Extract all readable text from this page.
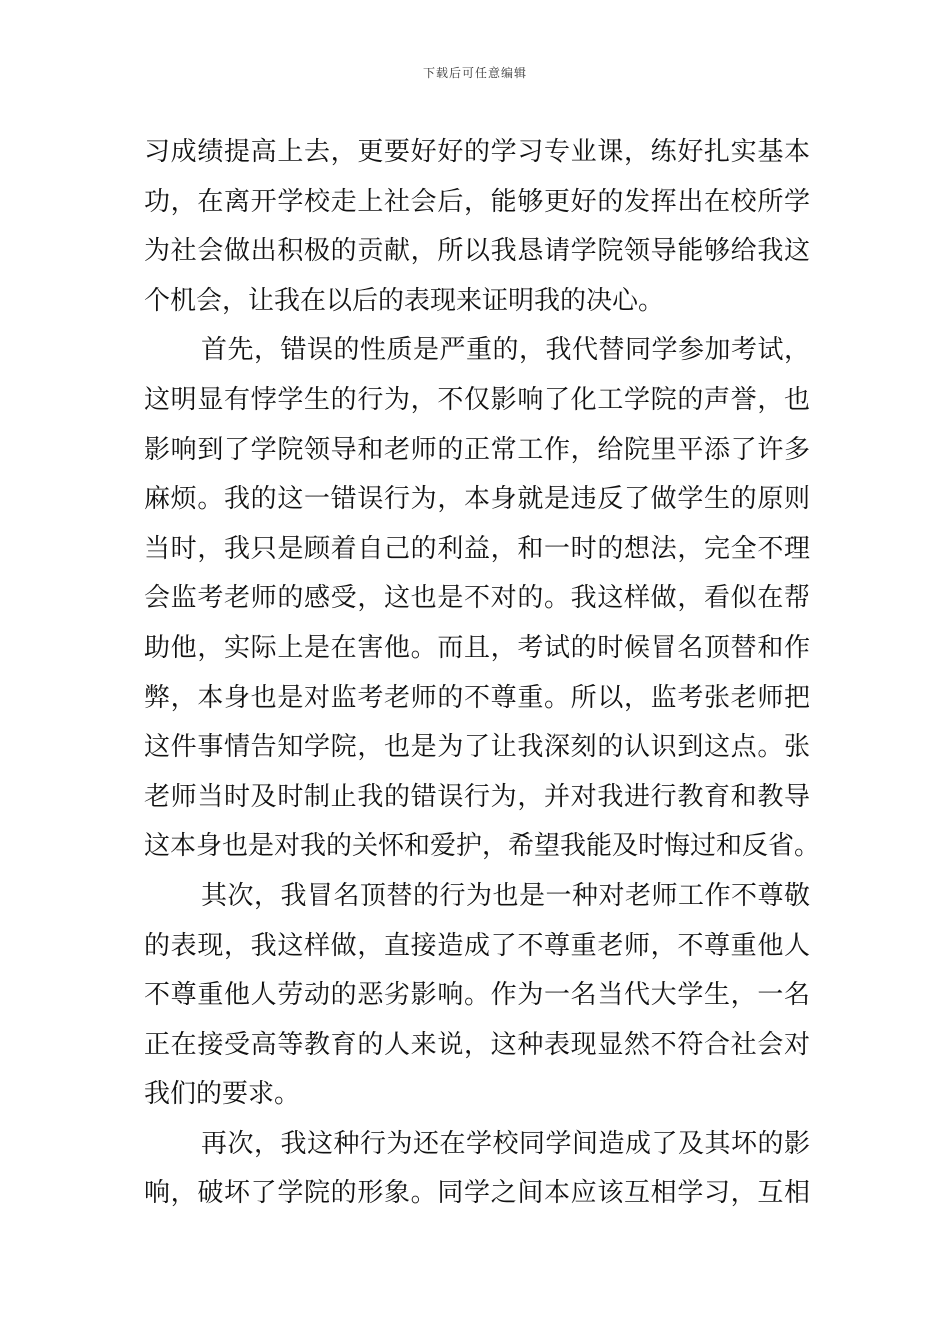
下载后可任意编辑
习成绩提高上去，更要好好的学习专业课，练好扎实基本
功，在离开学校走上社会后，能够更好的发挥出在校所学
为社会做出积极的贡献，所以我恳请学院领导能够给我这
个机会，让我在以后的表现来证明我的决心。
首先，错误的性质是严重的，我代替同学参加考试，
这明显有悖学生的行为，不仅影响了化工学院的声誉，也
影响到了学院领导和老师的正常工作，给院里平添了许多
麻烦。我的这一错误行为，本身就是违反了做学生的原则
当时，我只是顾着自己的利益，和一时的想法，完全不理
会监考老师的感受，这也是不对的。我这样做，看似在帮
助他，实际上是在害他。而且，考试的时候冒名顶替和作
弊，本身也是对监考老师的不尊重。所以，监考张老师把
这件事情告知学院，也是为了让我深刻的认识到这点。张
老师当时及时制止我的错误行为，并对我进行教育和教导
这本身也是对我的关怀和爱护，希望我能及时悔过和反省。
其次，我冒名顶替的行为也是一种对老师工作不尊敬
的表现，我这样做，直接造成了不尊重老师，不尊重他人
不尊重他人劳动的恶劣影响。作为一名当代大学生，一名
正在接受高等教育的人来说，这种表现显然不符合社会对
我们的要求。
再次，我这种行为还在学校同学间造成了及其坏的影
响，破坏了学院的形象。同学之间本应该互相学习，互相
